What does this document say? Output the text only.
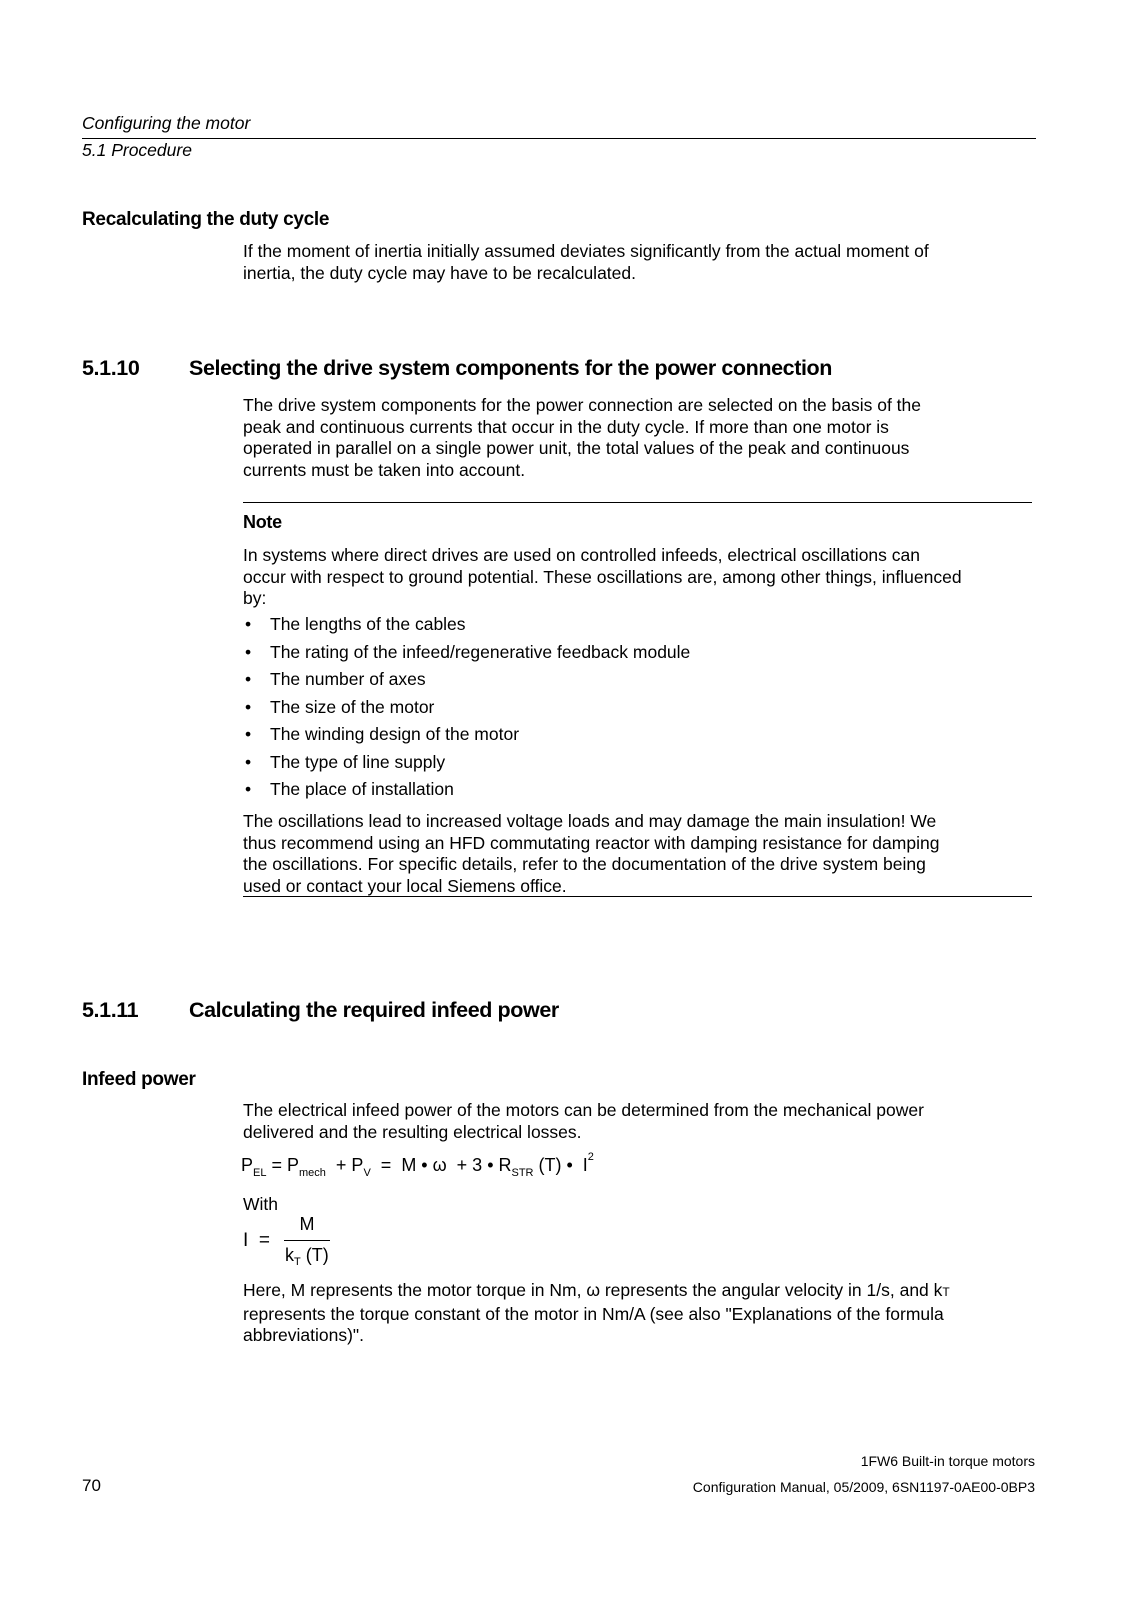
Configuring the motor
5.1 Procedure
Recalculating the duty cycle
If the moment of inertia initially assumed deviates significantly from the actual moment of
inertia, the duty cycle may have to be recalculated.
5.1.10 Selecting the drive system components for the power connection
The drive system components for the power connection are selected on the basis of the
peak and continuous currents that occur in the duty cycle. If more than one motor is
operated in parallel on a single power unit, the total values of the peak and continuous
currents must be taken into account.
Note
In systems where direct drives are used on controlled infeeds, electrical oscillations can
occur with respect to ground potential. These oscillations are, among other things, influenced
by:
• The lengths of the cables
• The rating of the infeed/regenerative feedback module
• The number of axes
• The size of the motor
• The winding design of the motor
• The type of line supply
• The place of installation
The oscillations lead to increased voltage loads and may damage the main insulation! We
thus recommend using an HFD commutating reactor with damping resistance for damping
the oscillations. For specific details, refer to the documentation of the drive system being
used or contact your local Siemens office.
5.1.11 Calculating the required infeed power
Infeed power
The electrical infeed power of the motors can be determined from the mechanical power
delivered and the resulting electrical losses.
$P_{EL} = P_{mech} + P_V = M$ • ω  + 3 • $R_{STR}$ (T) •  $I^2$
With
I  =
M
$k_T$ (T)
Here, M represents the motor torque in Nm, ω represents the angular velocity in 1/s, and kT
represents the torque constant of the motor in Nm/A (see also "Explanations of the formula
abbreviations)".
1FW6 Built-in torque motors
70	Configuration Manual, 05/2009, 6SN1197-0AE00-0BP3
